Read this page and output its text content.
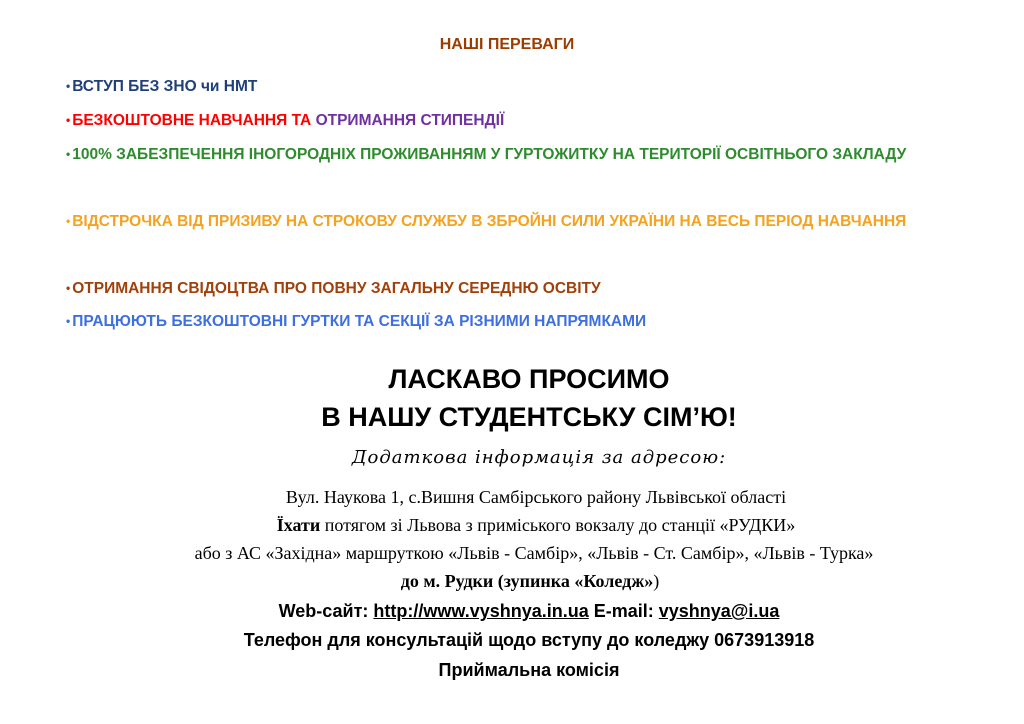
НАШІ ПЕРЕВАГИ
• ВСТУП БЕЗ ЗНО чи НМТ
• БЕЗКОШТОВНЕ НАВЧАННЯ ТА ОТРИМАННЯ СТИПЕНДІЇ
• 100% ЗАБЕЗПЕЧЕННЯ ІНОГОРОДНІХ ПРОЖИВАННЯМ У ГУРТОЖИТКУ НА ТЕРИТОРІЇ ОСВІТНЬОГО ЗАКЛАДУ
• ВІДСТРОЧКА ВІД ПРИЗИВУ НА СТРОКОВУ СЛУЖБУ В ЗБРОЙНІ СИЛИ УКРАЇНИ НА ВЕСЬ ПЕРІОД НАВЧАННЯ
• ОТРИМАННЯ СВІДОЦТВА ПРО ПОВНУ ЗАГАЛЬНУ СЕРЕДНЮ ОСВІТУ
• ПРАЦЮЮТЬ БЕЗКОШТОВНІ ГУРТКИ ТА СЕКЦІЇ ЗА РІЗНИМИ НАПРЯМКАМИ
ЛАСКАВО ПРОСИМО
В НАШУ СТУДЕНТСЬКУ СІМ’Ю!
Додаткова інформація за адресою:
Вул. Наукова 1, с.Вишня Самбірського району Львівської області
Їхати потягом зі Львова з приміського вокзалу до станції «РУДКИ»
або з АС «Західна» маршруткою «Львів - Самбір», «Львів - Ст. Самбір», «Львів - Турка»
до м. Рудки (зупинка «Коледж»)
Web-сайт: http://www.vyshnya.in.ua E-mail: vyshnya@i.ua
Телефон для консультацій щодо вступу до коледжу 0673913918
Приймальна комісія
